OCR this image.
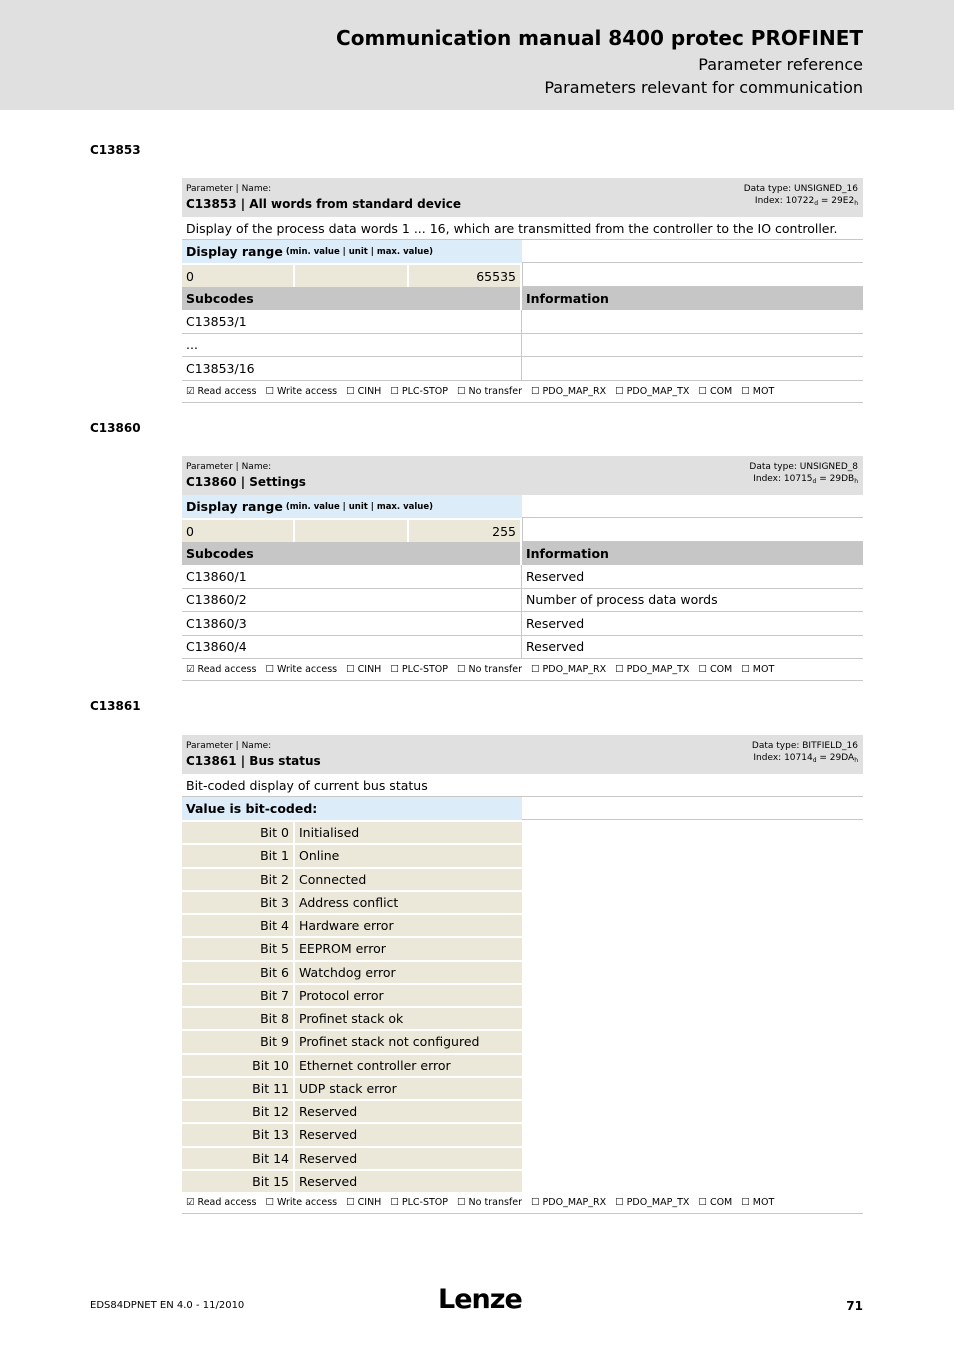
Communication manual 8400 protec PROFINET
Parameter reference
Parameters relevant for communication
C13853
Parameter | Name:
C13853 | All words from standard device
Data type: UNSIGNED_16
Index: $10722_d = 29E2_h$
Display of the process data words 1 ... 16, which are transmitted from the controller to the IO controller.
Display range (min. value | unit | max. value)
0	65535
Subcodes	Information
C13853/1
...
C13853/16
☑ Read access ☐ Write access ☐ CINH ☐ PLC-STOP ☐ No transfer ☐ PDO_MAP_RX ☐ PDO_MAP_TX ☐ COM ☐ MOT
C13860
Parameter | Name:
C13860 | Settings
Data type: UNSIGNED_8
Index: $10715_d = 29DB_h$
Display range (min. value | unit | max. value)
0	255
Subcodes	Information
C13860/1	Reserved
C13860/2	Number of process data words
C13860/3	Reserved
C13860/4	Reserved
☑ Read access ☐ Write access ☐ CINH ☐ PLC-STOP ☐ No transfer ☐ PDO_MAP_RX ☐ PDO_MAP_TX ☐ COM ☐ MOT
C13861
Parameter | Name:
C13861 | Bus status
Data type: BITFIELD_16
Index: $10714_d = 29DA_h$
Bit-coded display of current bus status
Value is bit-coded:
Bit 0 Initialised
Bit 1 Online
Bit 2 Connected
Bit 3 Address conflict
Bit 4 Hardware error
Bit 5 EEPROM error
Bit 6 Watchdog error
Bit 7 Protocol error
Bit 8 Profinet stack ok
Bit 9 Profinet stack not configured
Bit 10 Ethernet controller error
Bit 11 UDP stack error
Bit 12 Reserved
Bit 13 Reserved
Bit 14 Reserved
Bit 15 Reserved
☑ Read access ☐ Write access ☐ CINH ☐ PLC-STOP ☐ No transfer ☐ PDO_MAP_RX ☐ PDO_MAP_TX ☐ COM ☐ MOT
EDS84DPNET EN 4.0 - 11/2010	Lenze	71
